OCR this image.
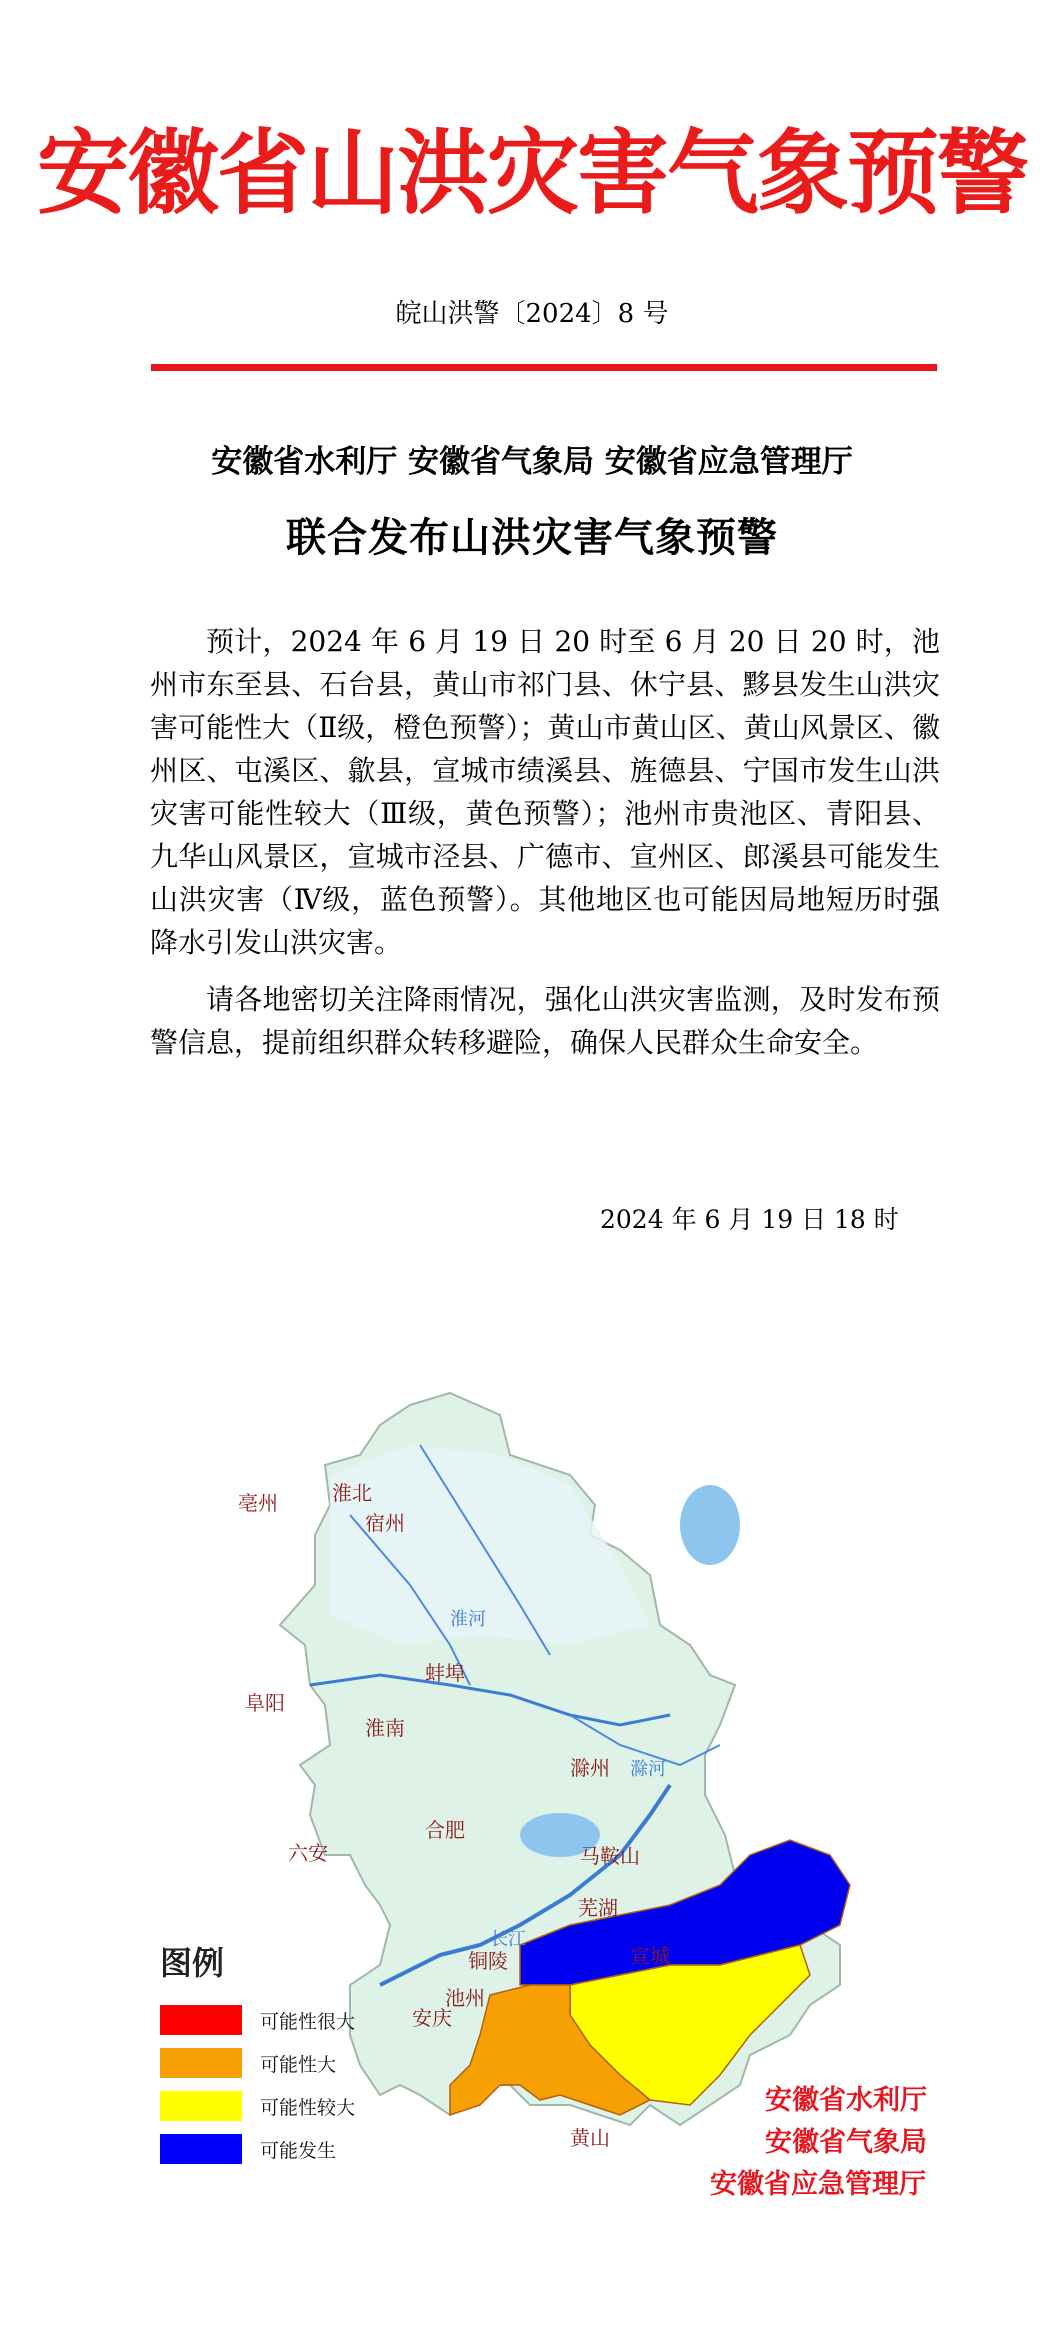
安徽省山洪灾害气象预警
皖山洪警〔2024〕8 号
安徽省水利厅 安徽省气象局 安徽省应急管理厅
联合发布山洪灾害气象预警

预计，2024 年 6 月 19 日 20 时至 6 月 20 日 20 时，池州市东至县、石台县，黄山市祁门县、休宁县、黟县发生山洪灾害可能性大（Ⅱ级，橙色预警）；黄山市黄山区、黄山风景区、徽州区、屯溪区、歙县，宣城市绩溪县、旌德县、宁国市发生山洪灾害可能性较大（Ⅲ级，黄色预警）；池州市贵池区、青阳县、九华山风景区，宣城市泾县、广德市、宣州区、郎溪县可能发生山洪灾害（Ⅳ级，蓝色预警）。其他地区也可能因局地短历时强降水引发山洪灾害。

请各地密切关注降雨情况，强化山洪灾害监测，及时发布预警信息，提前组织群众转移避险，确保人民群众生命安全。

2024 年 6 月 19 日 18 时
亳州	淮北
宿州
阜阳
蚌埠
淮南
滁州
合肥
六安	马鞍山
芜湖
铜陵
池州
宣城
安庆
黄山
淮河
长江
滁河
图例
可能性很大
可能性大
可能性较大
可能发生
安徽省水利厅
安徽省气象局
安徽省应急管理厅
